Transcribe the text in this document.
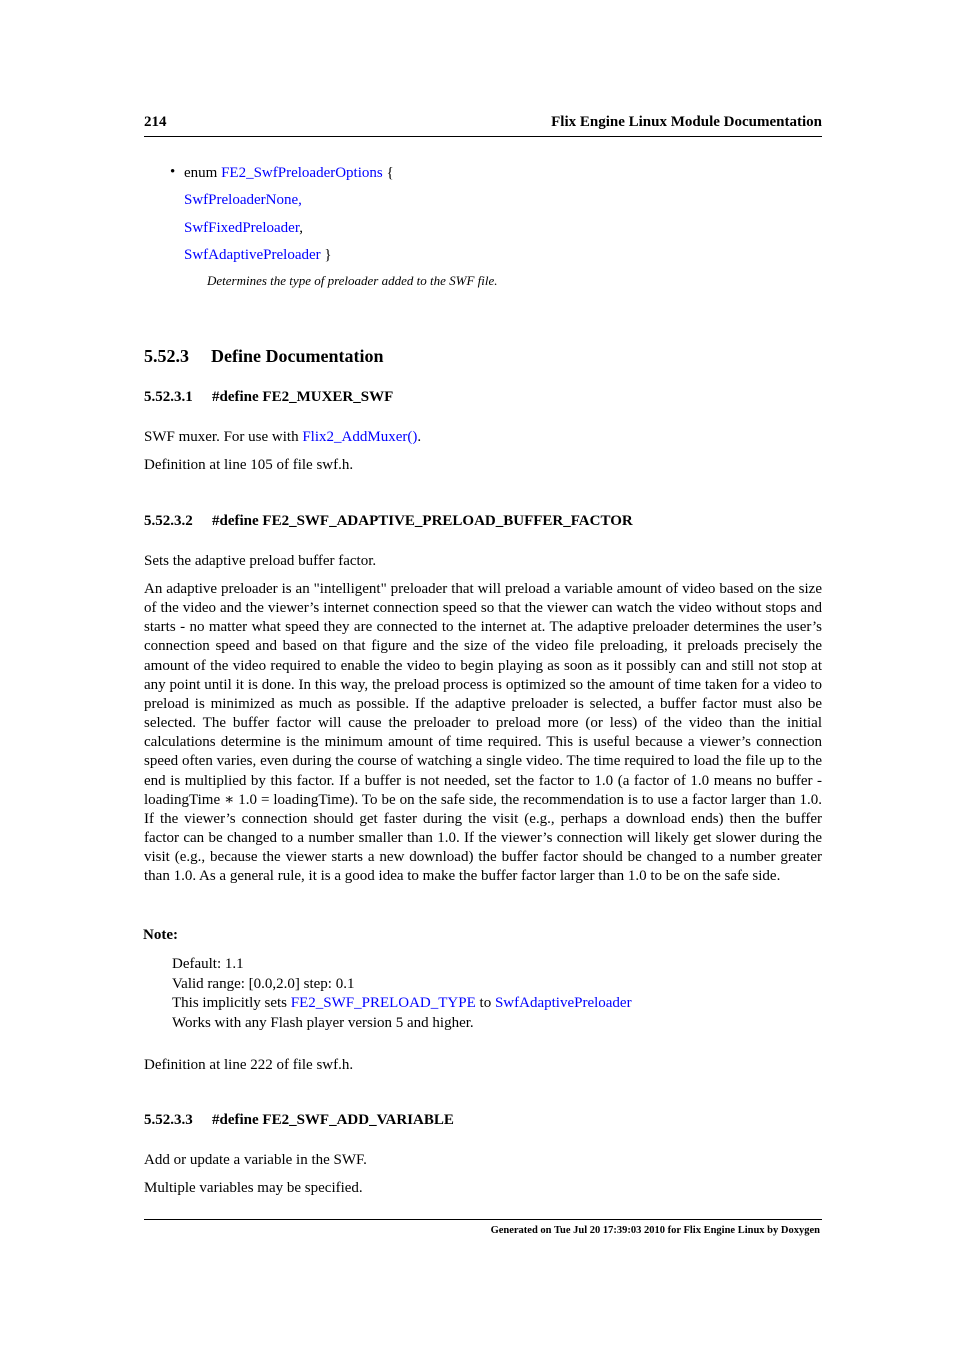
214	Flix Engine Linux Module Documentation
• enum FE2_SwfPreloaderOptions {
SwfPreloaderNone,
SwfFixedPreloader,
SwfAdaptivePreloader }
Determines the type of preloader added to the SWF file.
5.52.3 Define Documentation
5.52.3.1 #define FE2_MUXER_SWF
SWF muxer. For use with Flix2_AddMuxer().
Definition at line 105 of file swf.h.
5.52.3.2 #define FE2_SWF_ADAPTIVE_PRELOAD_BUFFER_FACTOR
Sets the adaptive preload buffer factor.
An adaptive preloader is an "intelligent" preloader that will preload a variable amount of video based on the size of the video and the viewer’s internet connection speed so that the viewer can watch the video without stops and starts - no matter what speed they are connected to the internet at. The adaptive preloader determines the user’s connection speed and based on that figure and the size of the video file preloading, it preloads precisely the amount of the video required to enable the video to begin playing as soon as it possibly can and still not stop at any point until it is done. In this way, the preload process is optimized so the amount of time taken for a video to preload is minimized as much as possible. If the adaptive preloader is selected, a buffer factor must also be selected. The buffer factor will cause the preloader to preload more (or less) of the video than the initial calculations determine is the minimum amount of time required. This is useful because a viewer’s connection speed often varies, even during the course of watching a single video. The time required to load the file up to the end is multiplied by this factor. If a buffer is not needed, set the factor to 1.0 (a factor of 1.0 means no buffer - loadingTime ∗ 1.0 = loadingTime). To be on the safe side, the recommendation is to use a factor larger than 1.0. If the viewer’s connection should get faster during the visit (e.g., perhaps a download ends) then the buffer factor can be changed to a number smaller than 1.0. If the viewer’s connection will likely get slower during the visit (e.g., because the viewer starts a new download) the buffer factor should be changed to a number greater than 1.0. As a general rule, it is a good idea to make the buffer factor larger than 1.0 to be on the safe side.
Note:
Default: 1.1
Valid range: [0.0,2.0] step: 0.1
This implicitly sets FE2_SWF_PRELOAD_TYPE to SwfAdaptivePreloader
Works with any Flash player version 5 and higher.
Definition at line 222 of file swf.h.
5.52.3.3 #define FE2_SWF_ADD_VARIABLE
Add or update a variable in the SWF.
Multiple variables may be specified.
Generated on Tue Jul 20 17:39:03 2010 for Flix Engine Linux by Doxygen
